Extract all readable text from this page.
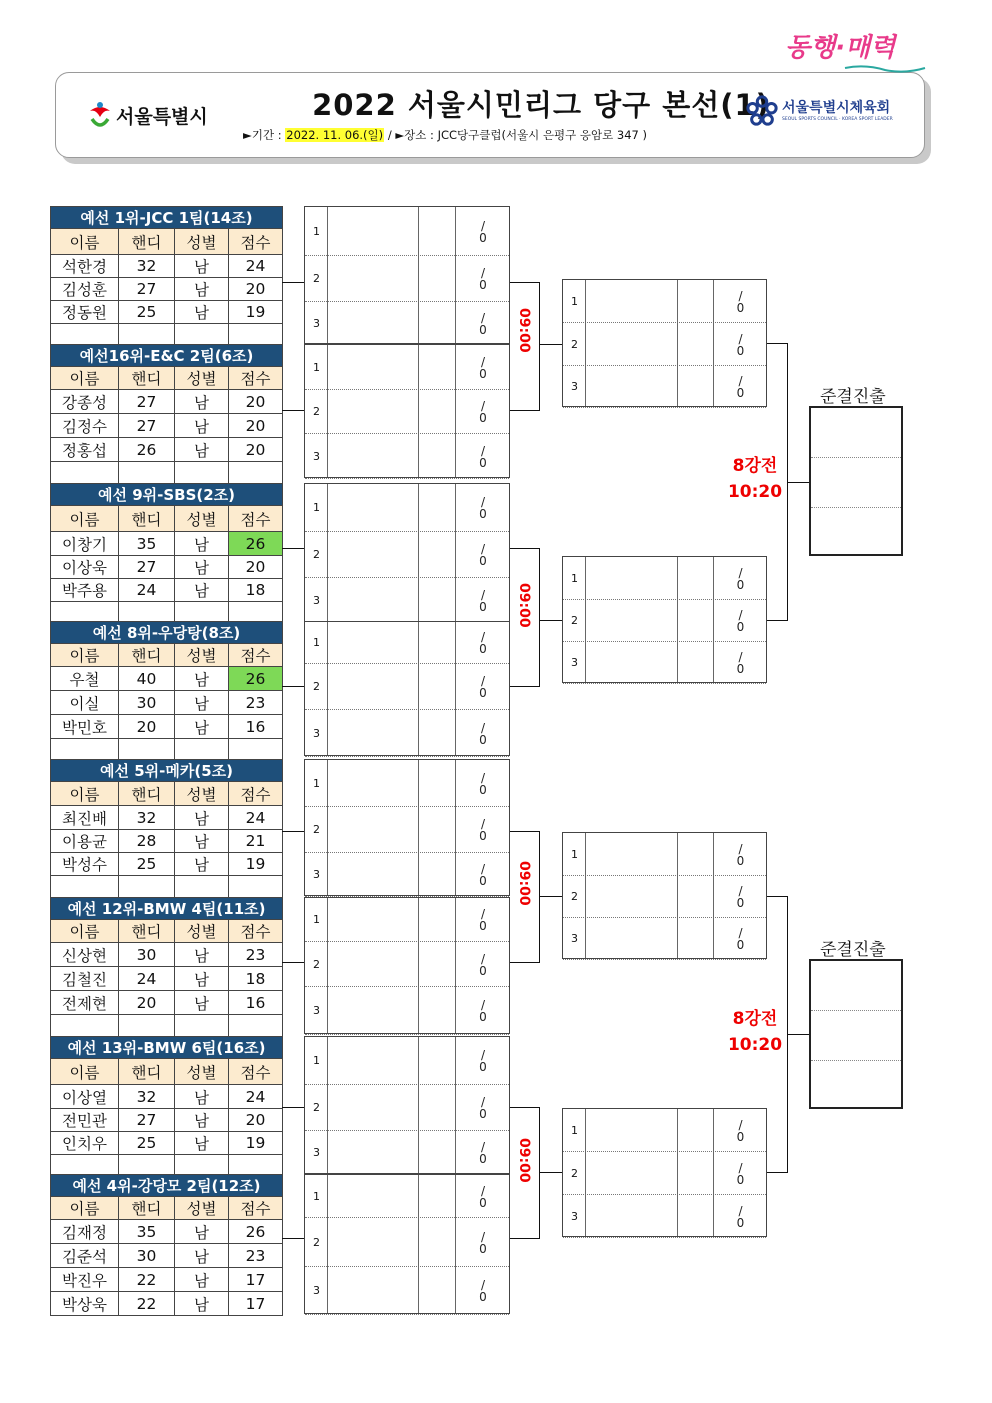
서울특별시	2022 서울시민리그 당구 본선(1)
►기간 : 2022. 11. 06.(일) / ►장소 : JCC당구클럽(서울시 은평구 응암로 347 )
서울특별시체육회
SEOUL SPORTS COUNCIL · KOREA SPORT LEADER
동행·매력
예선 1위-JCC 1팀(14조)			
이름	핸디	성별	점수
석한경	32	남	24
김성훈	27	남	20
정동원	25	남	19

예선16위-E&C 2팀(6조)			
이름	핸디	성별	점수
강종성	27	남	20
김정수	27	남	20
정홍섭	26	남	20

예선 9위-SBS(2조)			
이름	핸디	성별	점수
이창기	35	남	26
이상욱	27	남	20
박주용	24	남	18

예선 8위-우당탕(8조)			
이름	핸디	성별	점수
우철	40	남	26
이실	30	남	23
박민호	20	남	16

예선 5위-메카(5조)			
이름	핸디	성별	점수
최진배	32	남	24
이용균	28	남	21
박성수	25	남	19

예선 12위-BMW 4팀(11조)			
이름	핸디	성별	점수
신상현	30	남	23
김철진	24	남	18
전제현	20	남	16

예선 13위-BMW 6팀(16조)			
이름	핸디	성별	점수
이상열	32	남	24
전민관	27	남	20
인치우	25	남	19

예선 4위-강당모 2팀(12조)			
이름	핸디	성별	점수
김재정	35	남	26
김준석	30	남	23
박진우	22	남	17
박상욱	22	남	17
1	/
0
2	/
0
3	/
0
1	/
0
2	/
0
3	/
0
1	/
0
2	/
0
3	/
0
1	/
0
2	/
0
3	/
0
1	/
0
2	/
0
3	/
0
1	/
0
2	/
0
3	/
0
1	/
0
2	/
0
3	/
0
1	/
0
2	/
0
3	/
0
1	/
0
2	/
0
3	/
0
1	/
0
2	/
0
3	/
0
1	/
0
2	/
0
3	/
0
1	/
0
2	/
0
3	/
0
09:00
09:00
09:00
09:00
8강전
10:20
8강전
10:20
준결진출
준결진출
